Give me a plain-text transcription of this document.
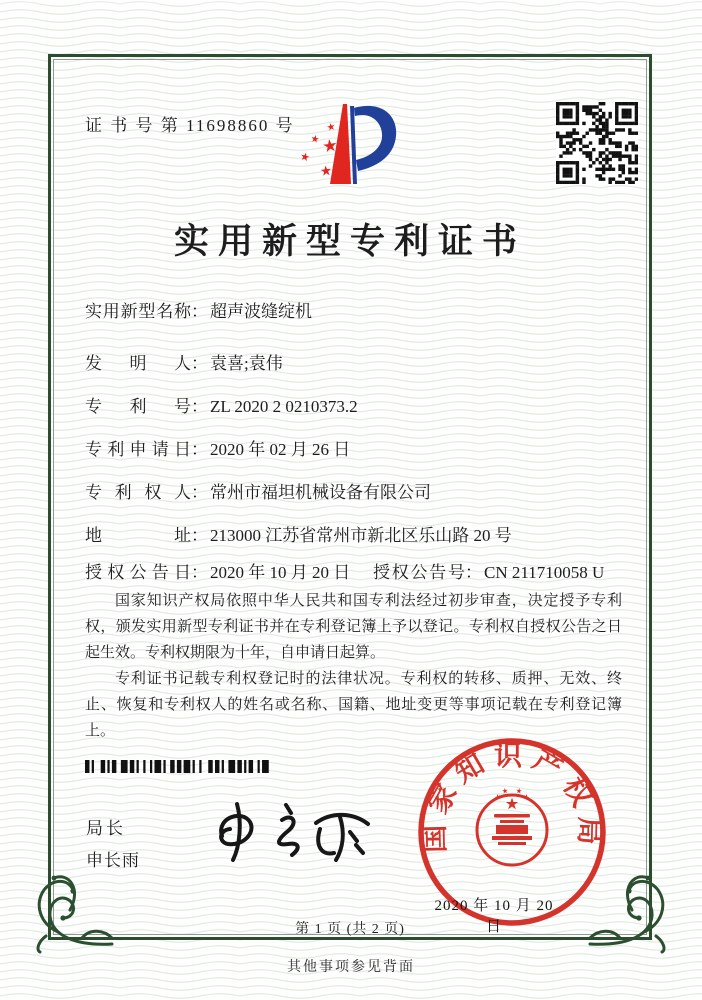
证 书 号 第 11698860 号
实用新型专利证书
实用新型名称： 超声波缝绽机
发明人： 袁喜;袁伟
专利号： ZL 2020 2 0210373.2
专利申请日： 2020 年 02 月 26 日
专利权人： 常州市福坦机械设备有限公司
地址： 213000 江苏省常州市新北区乐山路 20 号
授权公告日： 2020 年 10 月 20 日 授权公告号： CN 211710058 U

国家知识产权局依照中华人民共和国专利法经过初步审查，决定授予专利权，颁发实用新型专利证书并在专利登记簿上予以登记。专利权自授权公告之日起生效。专利权期限为十年，自申请日起算。

专利证书记载专利权登记时的法律状况。专利权的转移、质押、无效、终止、恢复和专利权人的姓名或名称、国籍、地址变更等事项记载在专利登记簿上。

局长
申长雨
国家知识产权局
2020 年 10 月 20 日
第 1 页 (共 2 页)
其他事项参见背面
